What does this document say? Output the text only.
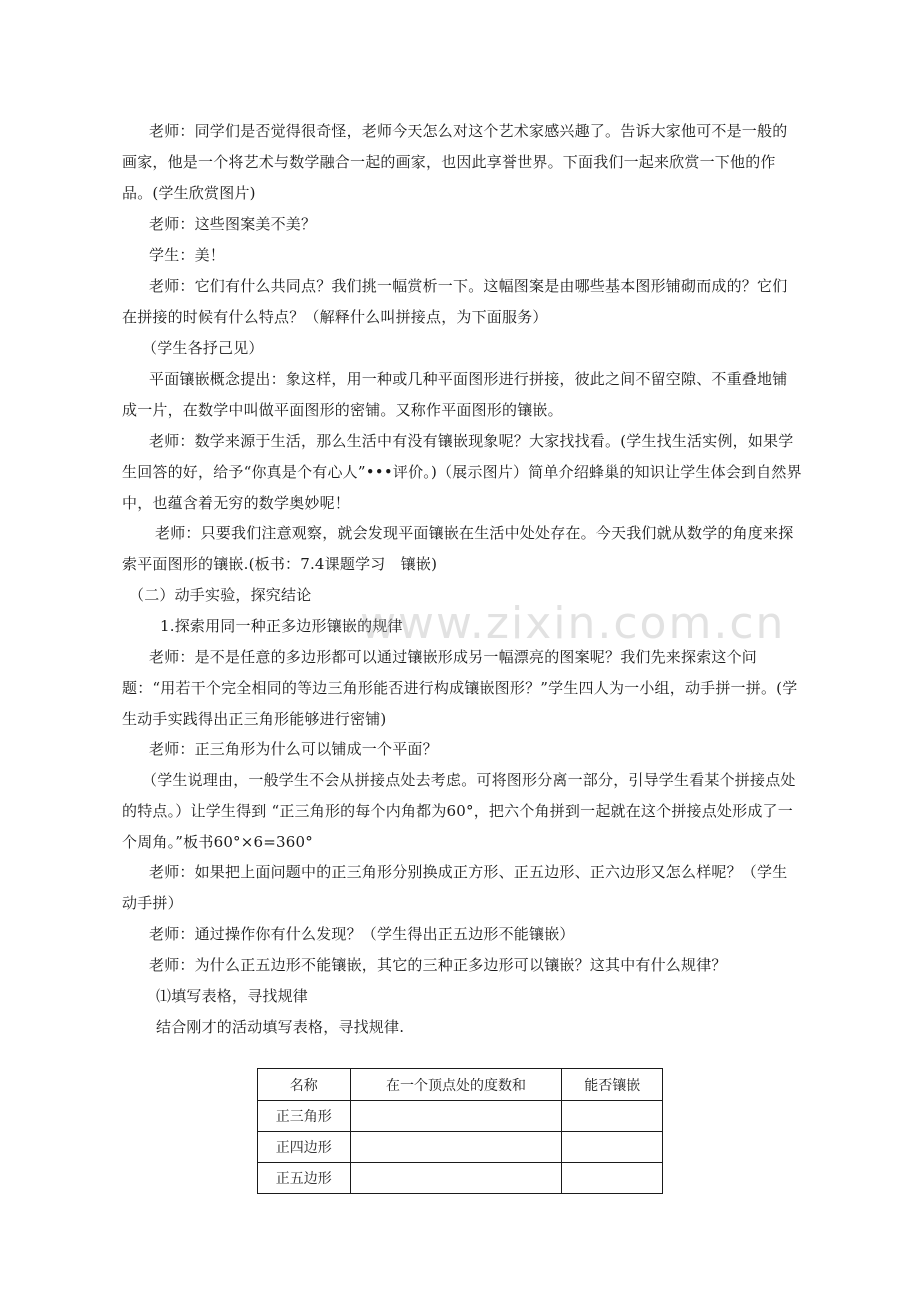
老师：同学们是否觉得很奇怪，老师今天怎么对这个艺术家感兴趣了。告诉大家他可不是一般的画家，他是一个将艺术与数学融合一起的画家，也因此享誉世界。下面我们一起来欣赏一下他的作品。(学生欣赏图片)

老师：这些图案美不美？

学生：美！

老师：它们有什么共同点？我们挑一幅赏析一下。这幅图案是由哪些基本图形铺砌而成的？它们在拼接的时候有什么特点？（解释什么叫拼接点，为下面服务）

（学生各抒己见）

平面镶嵌概念提出：象这样，用一种或几种平面图形进行拼接，彼此之间不留空隙、不重叠地铺成一片，在数学中叫做平面图形的密铺。又称作平面图形的镶嵌。

老师：数学来源于生活，那么生活中有没有镶嵌现象呢？大家找找看。(学生找生活实例，如果学生回答的好，给予“你真是个有心人”•••评价。)（展示图片）简单介绍蜂巢的知识让学生体会到自然界中，也蕴含着无穷的数学奥妙呢！

老师：只要我们注意观察，就会发现平面镶嵌在生活中处处存在。今天我们就从数学的角度来探索平面图形的镶嵌.(板书：7.4课题学习　镶嵌)

（二）动手实验，探究结论

1.探索用同一种正多边形镶嵌的规律

老师：是不是任意的多边形都可以通过镶嵌形成另一幅漂亮的图案呢？我们先来探索这个问题：“用若干个完全相同的等边三角形能否进行构成镶嵌图形？”学生四人为一小组，动手拼一拼。(学生动手实践得出正三角形能够进行密铺)

老师：正三角形为什么可以铺成一个平面？

（学生说理由，一般学生不会从拼接点处去考虑。可将图形分离一部分，引导学生看某个拼接点处的特点。）让学生得到 “正三角形的每个内角都为60°，把六个角拼到一起就在这个拼接点处形成了一个周角。”板书60°×6=360°

老师：如果把上面问题中的正三角形分别换成正方形、正五边形、正六边形又怎么样呢？（学生动手拼）

老师：通过操作你有什么发现？（学生得出正五边形不能镶嵌）

老师：为什么正五边形不能镶嵌，其它的三种正多边形可以镶嵌？这其中有什么规律？

⑴填写表格，寻找规律

结合刚才的活动填写表格，寻找规律.

www.zixin.com.cn
名称	在一个顶点处的度数和	能否镶嵌
正三角形		
正四边形		
正五边形		
